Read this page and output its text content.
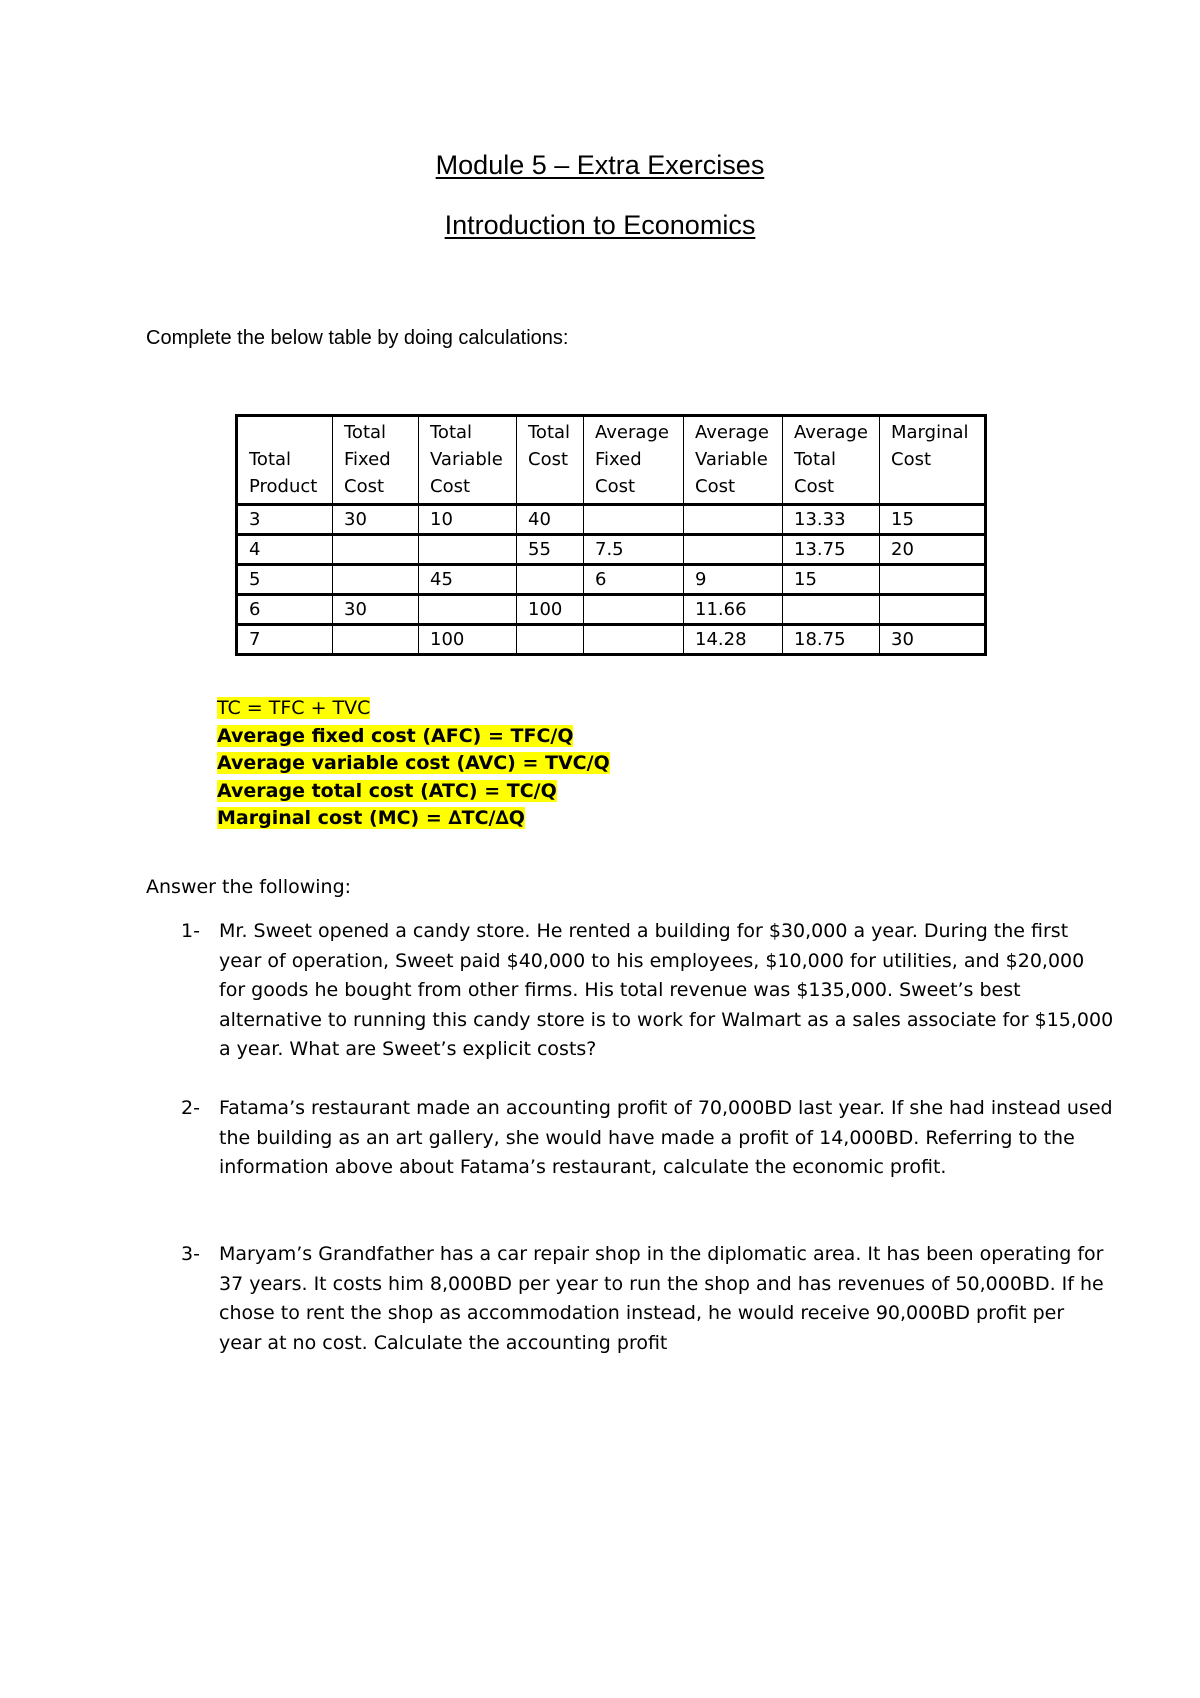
Module 5 – Extra Exercises
Introduction to Economics
Complete the below table by doing calculations:

Total
Product	Total
Fixed
Cost	Total
Variable
Cost	Total
Cost	Average
Fixed
Cost	Average
Variable
Cost	Average
Total
Cost	Marginal
Cost

3	30	10	40			13.33	15
4			55	7.5		13.75	20
5		45		6	9	15	
6	30		100		11.66		
7		100			14.28	18.75	30
TC = TFC + TVC
Average fixed cost (AFC) = TFC/Q
Average variable cost (AVC) = TVC/Q
Average total cost (ATC) = TC/Q
Marginal cost (MC) = ∆TC/∆Q
Answer the following:
1- Mr. Sweet opened a candy store. He rented a building for $30,000 a year. During the first
year of operation, Sweet paid $40,000 to his employees, $10,000 for utilities, and $20,000
for goods he bought from other firms. His total revenue was $135,000. Sweet’s best
alternative to running this candy store is to work for Walmart as a sales associate for $15,000
a year. What are Sweet’s explicit costs?
2- Fatama’s restaurant made an accounting profit of 70,000BD last year. If she had instead used
the building as an art gallery, she would have made a profit of 14,000BD. Referring to the
information above about Fatama’s restaurant, calculate the economic profit.
3- Maryam’s Grandfather has a car repair shop in the diplomatic area. It has been operating for
37 years. It costs him 8,000BD per year to run the shop and has revenues of 50,000BD. If he
chose to rent the shop as accommodation instead, he would receive 90,000BD profit per
year at no cost. Calculate the accounting profit
